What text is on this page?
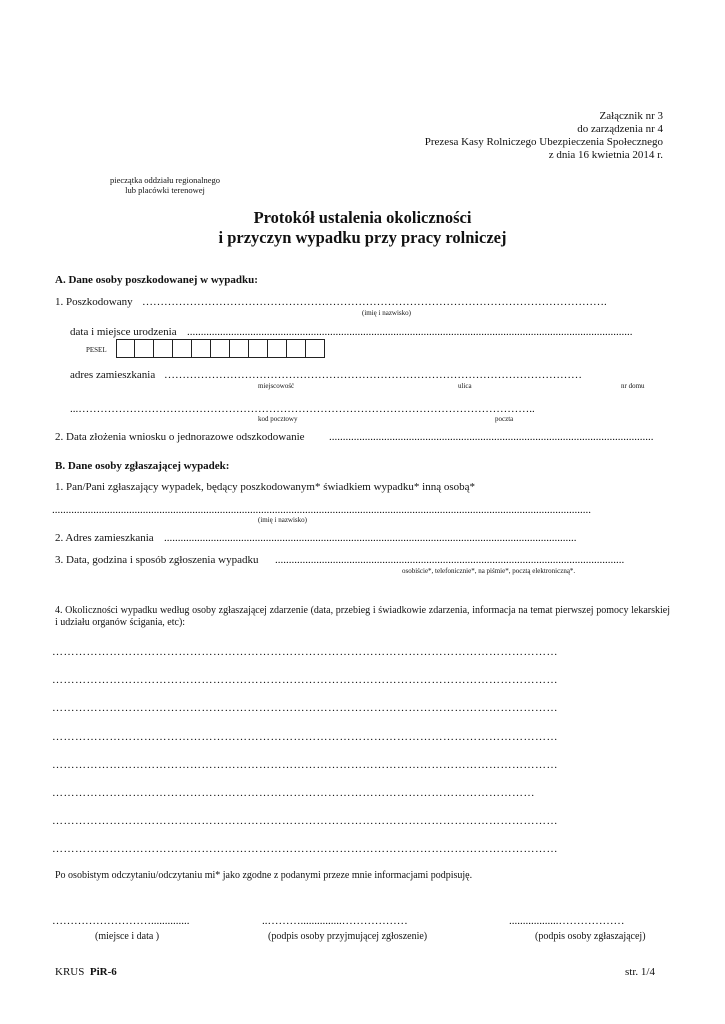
Załącznik nr 3
do zarządzenia nr 4
Prezesa Kasy Rolniczego Ubezpieczenia Społecznego
z dnia 16 kwietnia 2014 r.
pieczątka oddziału regionalnego
lub placówki terenowej
Protokół ustalenia okoliczności
i przyczyn wypadku przy pracy rolniczej
A. Dane osoby poszkodowanej w wypadku:
1. Poszkodowany ……………………………………………………………………………………………………………….
(imię i nazwisko)
data i miejsce urodzenia ..................................................................................................................................................................
PESEL
adres zamieszkania ……………………………………………………………………………………………………
miejscowość	ulica	nr domu
...……………………………………………………………………………………………………………..
kod pocztowy	poczta
2. Data złożenia wniosku o jednorazowe odszkodowanie ......................................................................................................................
B. Dane osoby zgłaszającej wypadek:
1. Pan/Pani zgłaszający wypadek, będący poszkodowanym* świadkiem wypadku* inną osobą*
....................................................................................................................................................................................................
(imię i nazwisko)
2. Adres zamieszkania ......................................................................................................................................................
3. Data, godzina i sposób zgłoszenia wypadku ...............................................................................................................................
osobiście*, telefonicznie*, na piśmie*, pocztą elektroniczną*.
4. Okoliczności wypadku według osoby zgłaszającej zdarzenie (data, przebieg i świadkowie zdarzenia, informacja na temat pierwszej pomocy lekarskiej i udziału organów ścigania, etc):
……………………………………………………………………………………………………………………
……………………………………………………………………………………………………………………
……………………………………………………………………………………………………………………
……………………………………………………………………………………………………………………
……………………………………………………………………………………………………………………
………………………………………………………………………………………………………………
……………………………………………………………………………………………………………………
……………………………………………………………………………………………………………………
Po osobistym odczytaniu/odczytaniu mi* jako zgodne z podanymi przeze mnie informacjami podpisuję.
………………………..............
(miejsce i data )
..………...............………………
(podpis osoby przyjmującej zgłoszenie)
..................………………
(podpis osoby zgłaszającej)
KRUS PiR-6	str. 1/4
